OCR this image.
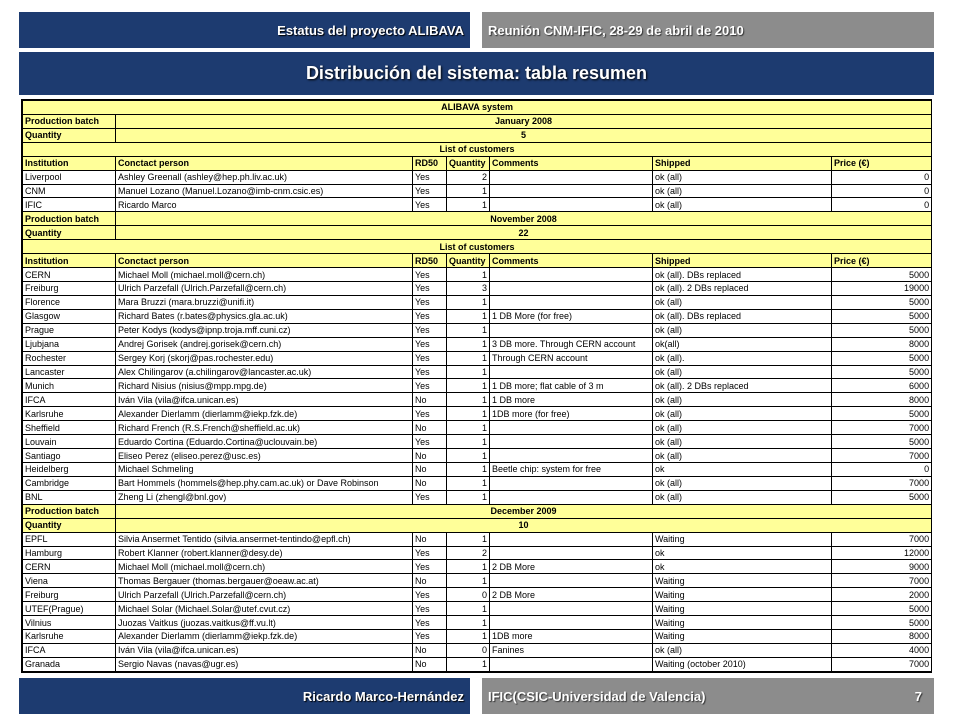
Estatus del proyecto ALIBAVA Reunión CNM-IFIC, 28-29 de abril de 2010
Distribución del sistema: tabla resumen
ALIBAVA system						
Production batch	January 2008					
Quantity	5					
List of customers						
Institution	Conctact person	RD50	Quantity	Comments	Shipped	Price (€)
Liverpool	Ashley Greenall (ashley@hep.ph.liv.ac.uk)	Yes	2		ok (all)	0
CNM	Manuel Lozano (Manuel.Lozano@imb-cnm.csic.es)	Yes	1		ok (all)	0
IFIC	Ricardo Marco	Yes	1		ok (all)	0
Production batch	November 2008					
Quantity	22					
List of customers						
Institution	Conctact person	RD50	Quantity	Comments	Shipped	Price (€)
CERN	Michael Moll (michael.moll@cern.ch)	Yes	1		ok (all). DBs replaced	5000
Freiburg	Ulrich Parzefall (Ulrich.Parzefall@cern.ch)	Yes	3		ok (all). 2 DBs replaced	19000
Florence	Mara Bruzzi (mara.bruzzi@unifi.it)	Yes	1		ok (all)	5000
Glasgow	Richard Bates (r.bates@physics.gla.ac.uk)	Yes	1	1 DB More (for free)	ok (all). DBs replaced	5000
Prague	Peter Kodys (kodys@ipnp.troja.mff.cuni.cz)	Yes	1		ok (all)	5000
Ljubjana	Andrej Gorisek (andrej.gorisek@cern.ch)	Yes	1	3 DB more. Through CERN account	ok(all)	8000
Rochester	Sergey Korj (skorj@pas.rochester.edu)	Yes	1	Through CERN account	ok (all).	5000
Lancaster	Alex Chilingarov (a.chilingarov@lancaster.ac.uk)	Yes	1		ok (all)	5000
Munich	Richard Nisius (nisius@mpp.mpg.de)	Yes	1	1 DB more; flat cable of 3 m	ok (all). 2 DBs replaced	6000
IFCA	Iván Vila (vila@ifca.unican.es)	No	1	1 DB more	ok (all)	8000
Karlsruhe	Alexander Dierlamm (dierlamm@iekp.fzk.de)	Yes	1	1DB more (for free)	ok (all)	5000
Sheffield	Richard French (R.S.French@sheffield.ac.uk)	No	1		ok (all)	7000
Louvain	Eduardo Cortina (Eduardo.Cortina@uclouvain.be)	Yes	1		ok (all)	5000
Santiago	Eliseo Perez (eliseo.perez@usc.es)	No	1		ok (all)	7000
Heidelberg	Michael Schmeling	No	1	Beetle chip: system for free	ok	0
Cambridge	Bart Hommels (hommels@hep.phy.cam.ac.uk) or Dave Robinson	No	1		ok (all)	7000
BNL	Zheng Li (zhengl@bnl.gov)	Yes	1		ok (all)	5000
Production batch	December 2009					
Quantity	10					
EPFL	Silvia Ansermet Tentido (silvia.ansermet-tentindo@epfl.ch)	No	1		Waiting	7000
Hamburg	Robert Klanner (robert.klanner@desy.de)	Yes	2		ok	12000
CERN	Michael Moll (michael.moll@cern.ch)	Yes	1	2 DB More	ok	9000
Viena	Thomas Bergauer (thomas.bergauer@oeaw.ac.at)	No	1		Waiting	7000
Freiburg	Ulrich Parzefall (Ulrich.Parzefall@cern.ch)	Yes	0	2 DB More	Waiting	2000
UTEF(Prague)	Michael Solar (Michael.Solar@utef.cvut.cz)	Yes	1		Waiting	5000
Vilnius	Juozas Vaitkus (juozas.vaitkus@ff.vu.lt)	Yes	1		Waiting	5000
Karlsruhe	Alexander Dierlamm (dierlamm@iekp.fzk.de)	Yes	1	1DB more	Waiting	8000
IFCA	Iván Vila (vila@ifca.unican.es)	No	0	Fanines	ok (all)	4000
Granada	Sergio Navas (navas@ugr.es)	No	1		Waiting (october 2010)	7000
Ricardo Marco-Hernández IFIC(CSIC-Universidad de Valencia)	7
